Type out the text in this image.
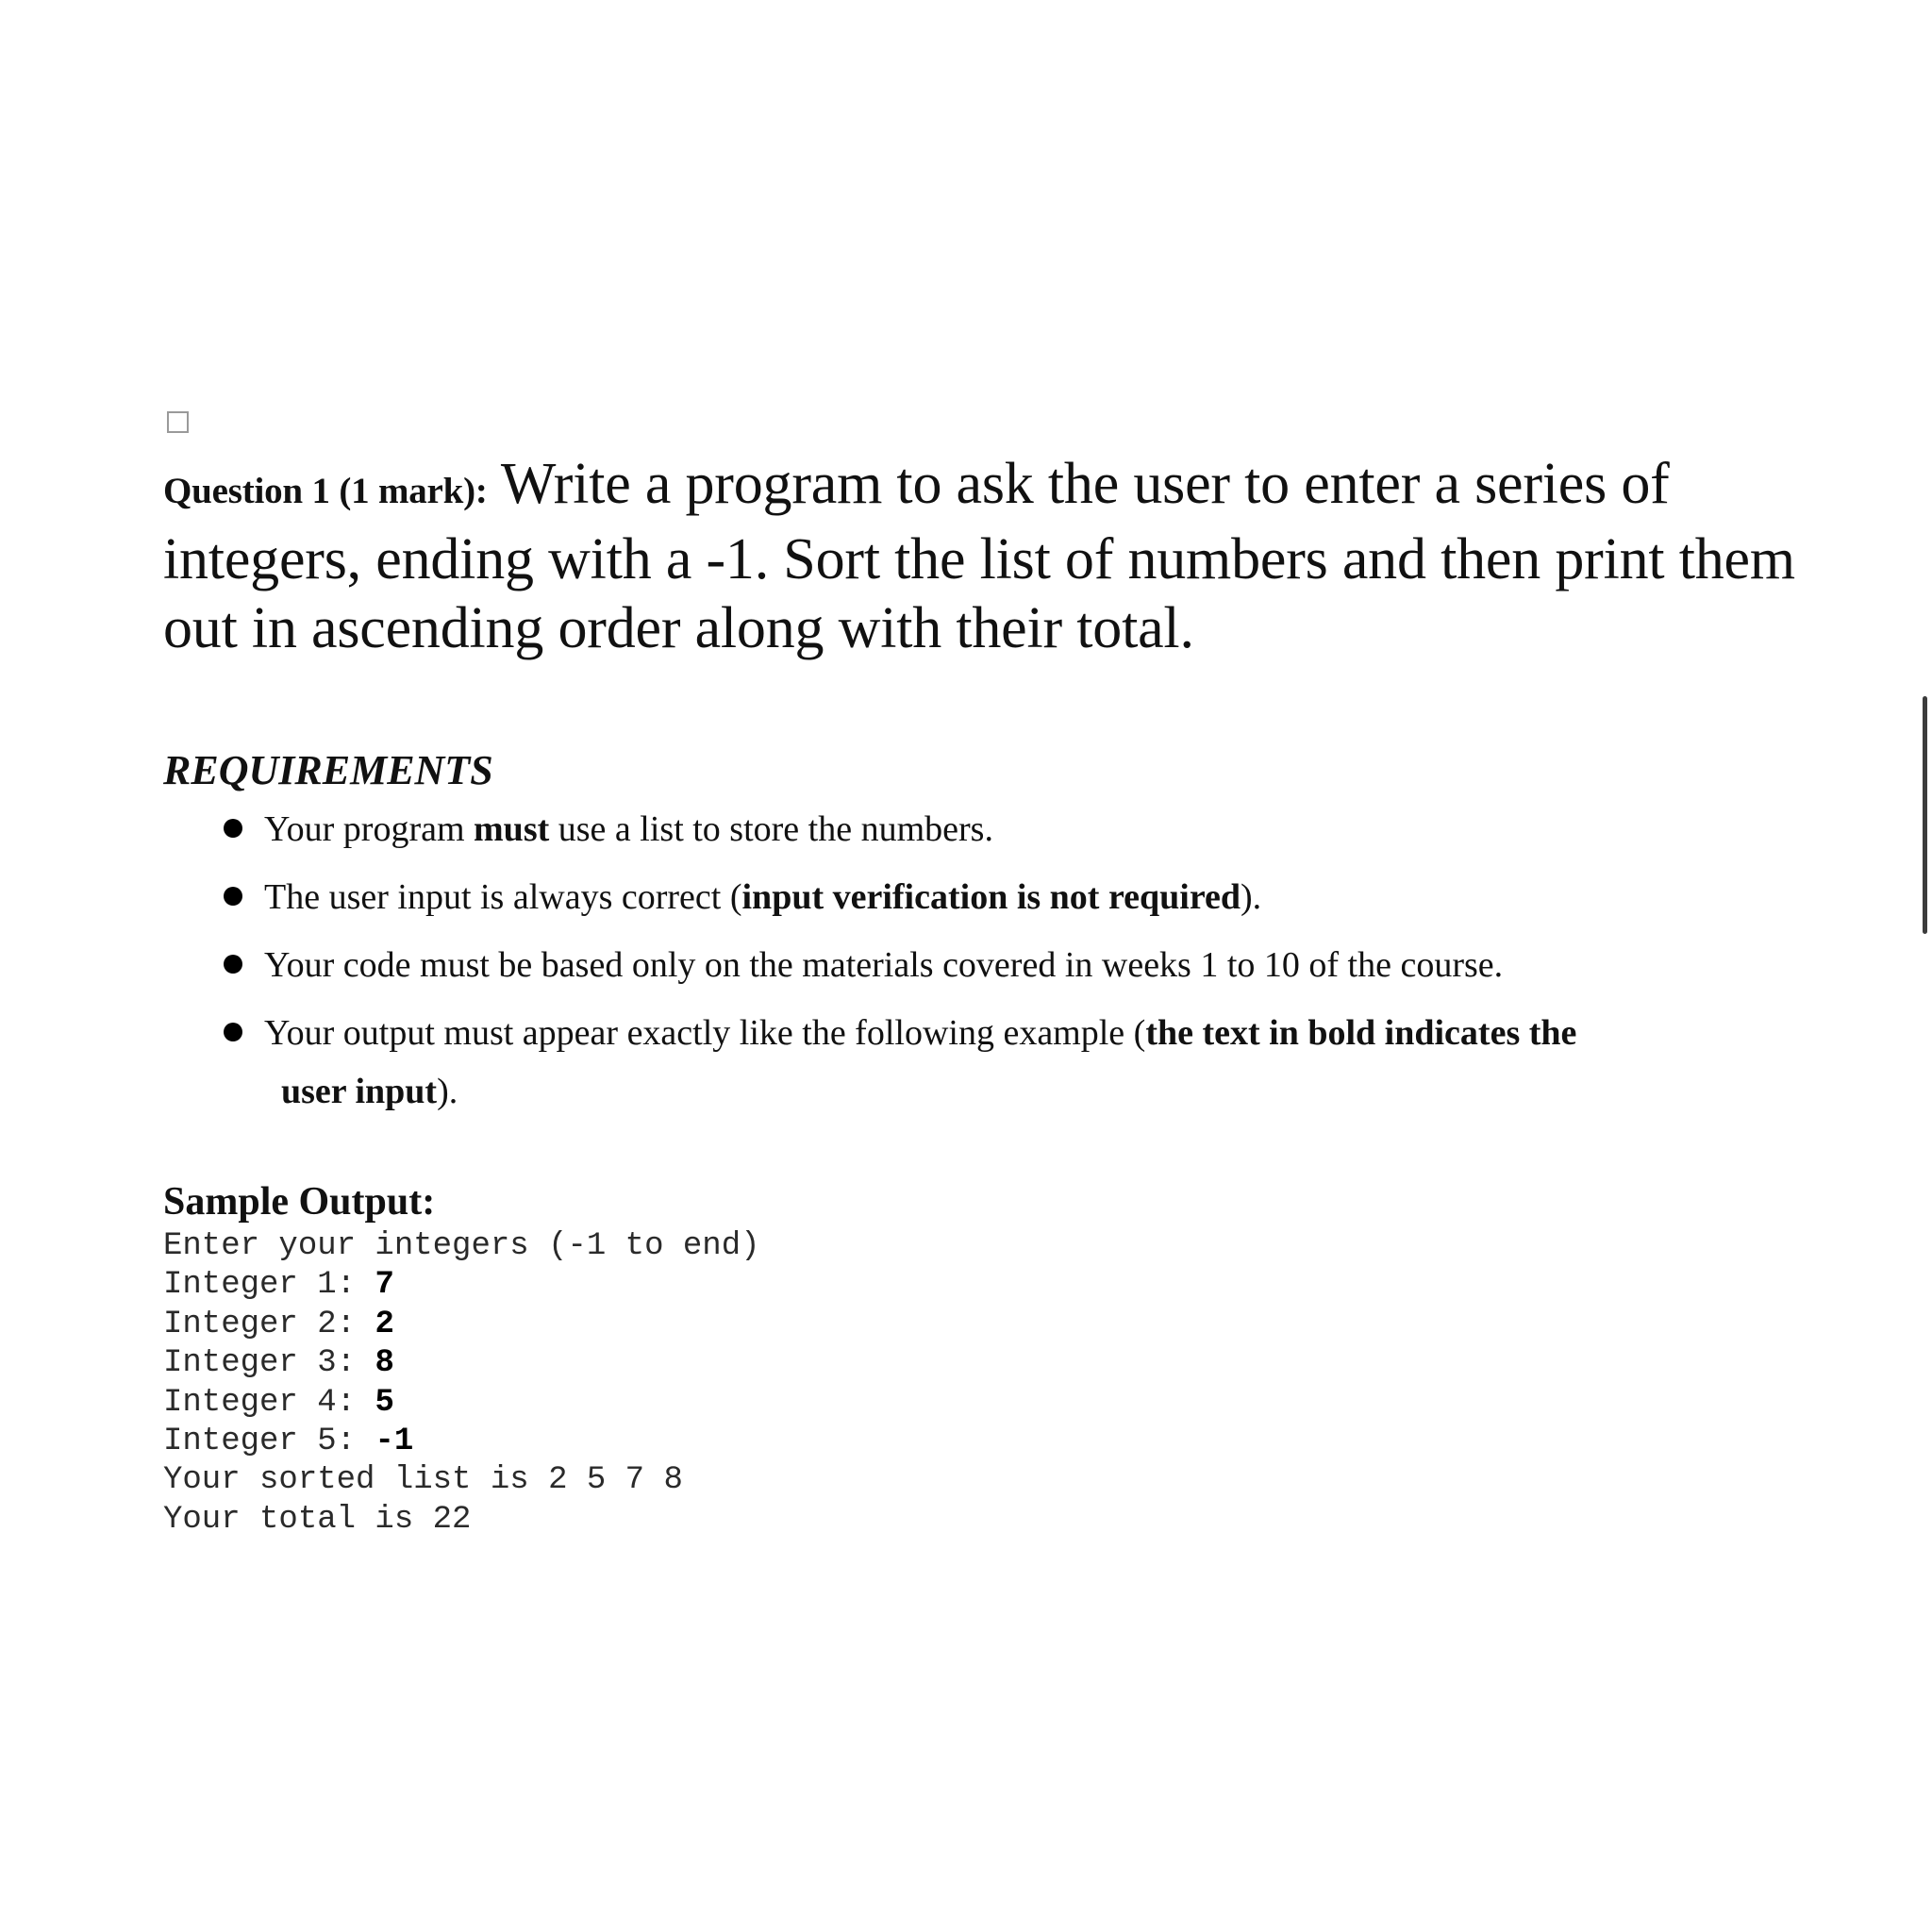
Question 1 (1 mark): Write a program to ask the user to enter a series of integers, ending with a -1. Sort the list of numbers and then print them out in ascending order along with their total.
REQUIREMENTS
Your program must use a list to store the numbers.
The user input is always correct (input verification is not required).
Your code must be based only on the materials covered in weeks 1 to 10 of the course.
Your output must appear exactly like the following example (the text in bold indicates the
user input).

Sample Output:

Enter your integers (-1 to end)
Integer 1: 7
Integer 2: 2
Integer 3: 8
Integer 4: 5
Integer 5: -1
Your sorted list is 2 5 7 8
Your total is 22
